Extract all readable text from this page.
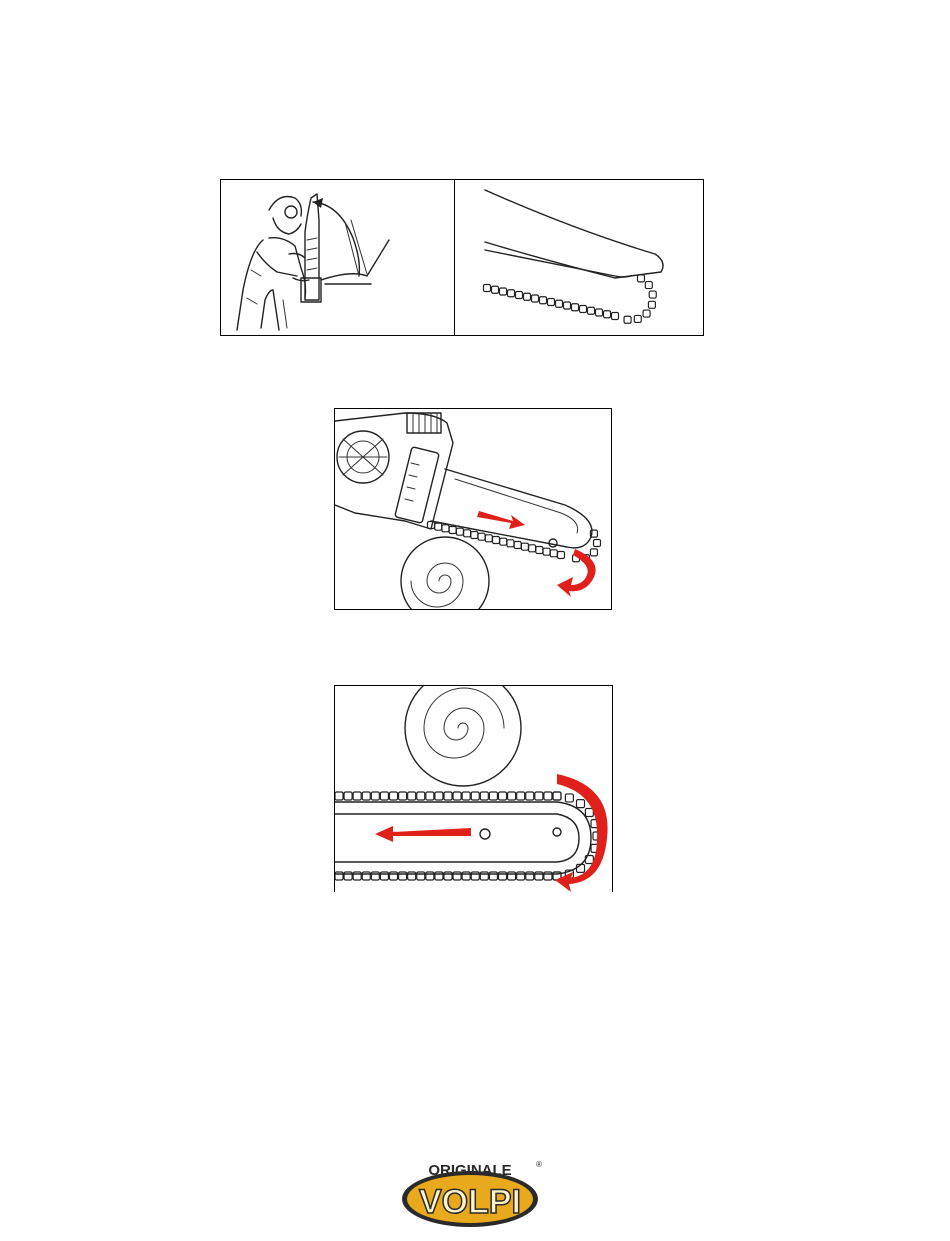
ORIGINALE
VOLPI
®
